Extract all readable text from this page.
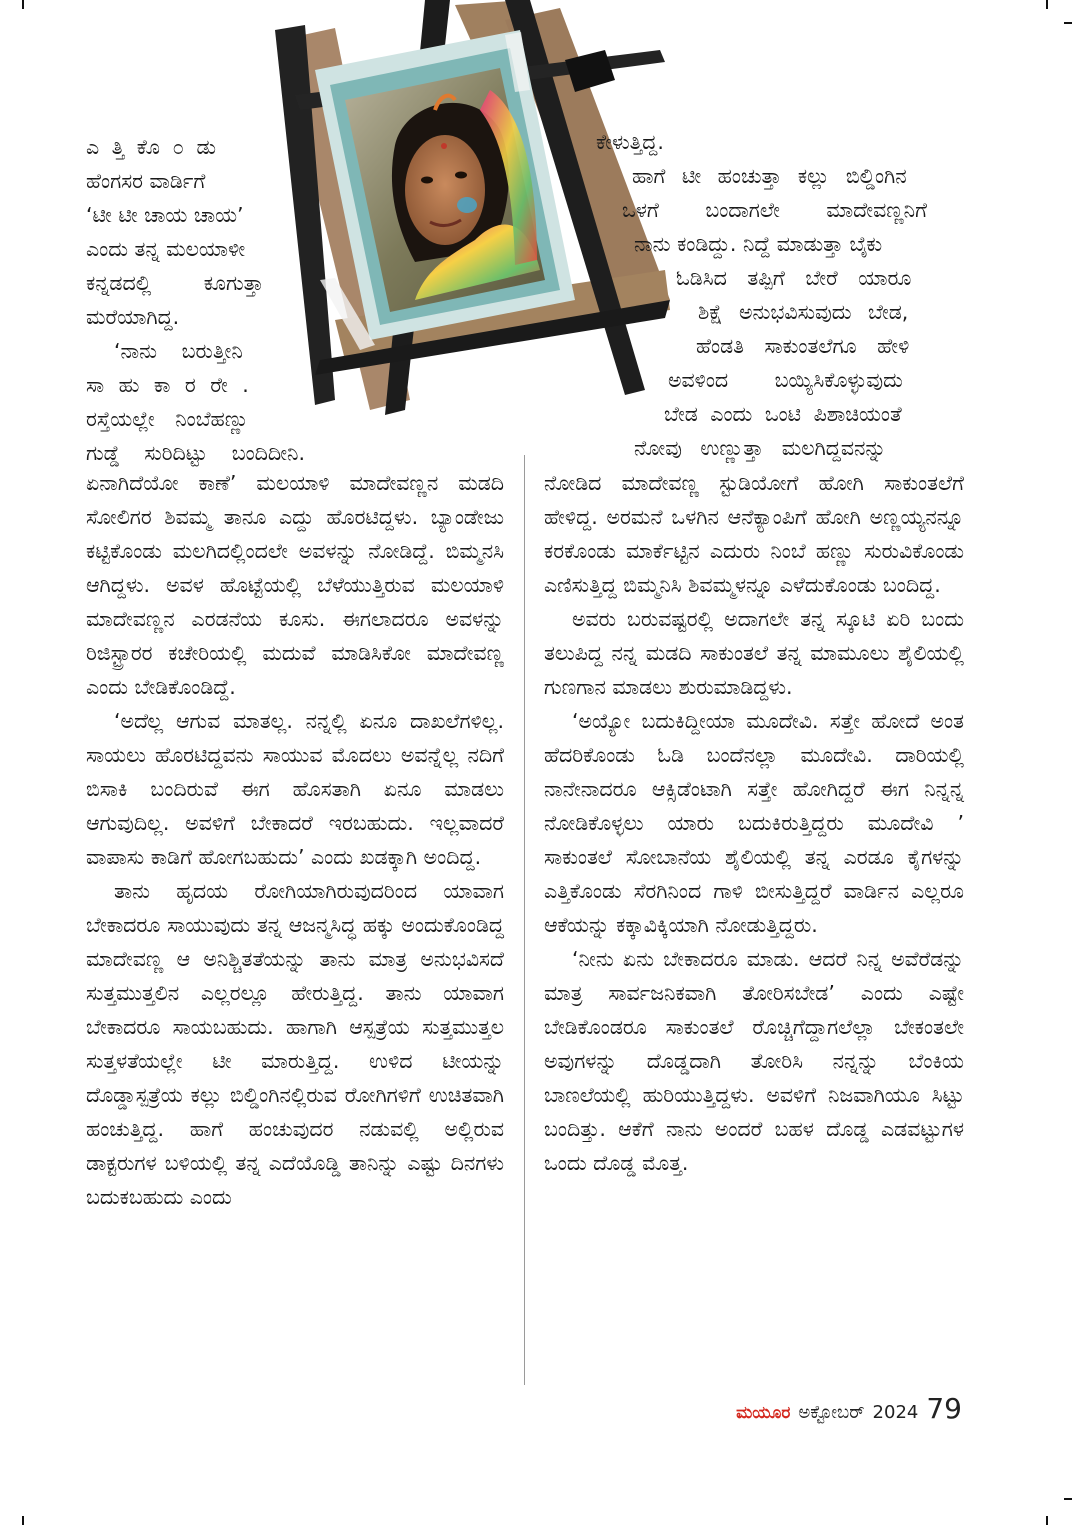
ಎ ತ್ತಿ ಕೊ ೦ ಡು
ಹೆಂಗಸರ ವಾರ್ಡಿಗೆ
‘ಟೀ ಟೀ ಚಾಯ ಚಾಯ’
ಎಂದು ತನ್ನ ಮಲಯಾಳೀ
ಕನ್ನಡದಲ್ಲಿ ಕೂಗುತ್ತಾ
ಮರೆಯಾಗಿದ್ದ.
‘ನಾನು ಬರುತ್ತೀನಿ
ಸಾ ಹು ಕಾ ರ ರೇ .
ರಸ್ತೆಯಲ್ಲೇ ನಿಂಬೆಹಣ್ಣು
ಗುಡ್ಡೆ ಸುರಿದಿಟ್ಟು ಬಂದಿದೀನಿ.
ಕೇಳುತ್ತಿದ್ದ.
ಹಾಗೆ ಟೀ ಹಂಚುತ್ತಾ ಕಲ್ಲು ಬಿಲ್ಡಿಂಗಿನ
ಒಳಗೆ ಬಂದಾಗಲೇ ಮಾದೇವಣ್ಣನಿಗೆ
ನಾನು ಕಂಡಿದ್ದು. ನಿದ್ದೆ ಮಾಡುತ್ತಾ ಬೈಕು
ಓಡಿಸಿದ ತಪ್ಪಿಗೆ ಬೇರೆ ಯಾರೂ
ಶಿಕ್ಷೆ ಅನುಭವಿಸುವುದು ಬೇಡ,
ಹೆಂಡತಿ ಸಾಕುಂತಲೆಗೂ ಹೇಳಿ
ಅವಳಿಂದ ಬಯ್ಯಿಸಿಕೊಳ್ಳುವುದು
ಬೇಡ ಎಂದು ಒಂಟಿ ಪಿಶಾಚಿಯಂತೆ
ನೋವು ಉಣ್ಣುತ್ತಾ ಮಲಗಿದ್ದವನನ್ನು

ಏನಾಗಿದೆಯೋ ಕಾಣೆ’ ಮಲಯಾಳಿ ಮಾದೇವಣ್ಣನ ಮಡದಿ ಸೋಲಿಗರ ಶಿವಮ್ಮ ತಾನೂ ಎದ್ದು ಹೊರಟಿದ್ದಳು. ಬ್ಯಾಂಡೇಜು ಕಟ್ಟಿಕೊಂಡು ಮಲಗಿದಲ್ಲಿಂದಲೇ ಅವಳನ್ನು ನೋಡಿದ್ದೆ. ಬಿಮ್ಮನಸಿ ಆಗಿದ್ದಳು. ಅವಳ ಹೊಟ್ಟೆಯಲ್ಲಿ ಬೆಳೆಯುತ್ತಿರುವ ಮಲಯಾಳಿ ಮಾದೇವಣ್ಣನ ಎರಡನೆಯ ಕೂಸು. ಈಗಲಾದರೂ ಅವಳನ್ನು ರಿಜಿಸ್ಟ್ರಾರರ ಕಚೇರಿಯಲ್ಲಿ ಮದುವೆ ಮಾಡಿಸಿಕೋ ಮಾದೇವಣ್ಣ ಎಂದು ಬೇಡಿಕೊಂಡಿದ್ದೆ.

‘ಅದೆಲ್ಲ ಆಗುವ ಮಾತಲ್ಲ. ನನ್ನಲ್ಲಿ ಏನೂ ದಾಖಲೆಗಳಿಲ್ಲ. ಸಾಯಲು ಹೊರಟಿದ್ದವನು ಸಾಯುವ ಮೊದಲು ಅವನ್ನೆಲ್ಲ ನದಿಗೆ ಬಿಸಾಕಿ ಬಂದಿರುವೆ ಈಗ ಹೊಸತಾಗಿ ಏನೂ ಮಾಡಲು ಆಗುವುದಿಲ್ಲ. ಅವಳಿಗೆ ಬೇಕಾದರೆ ಇರಬಹುದು. ಇಲ್ಲವಾದರೆ ವಾಪಾಸು ಕಾಡಿಗೆ ಹೋಗಬಹುದು’ ಎಂದು ಖಡಕ್ಕಾಗಿ ಅಂದಿದ್ದ.

ತಾನು ಹೃದಯ ರೋಗಿಯಾಗಿರುವುದರಿಂದ ಯಾವಾಗ ಬೇಕಾದರೂ ಸಾಯುವುದು ತನ್ನ ಆಜನ್ಮಸಿದ್ಧ ಹಕ್ಕು ಅಂದುಕೊಂಡಿದ್ದ ಮಾದೇವಣ್ಣ ಆ ಅನಿಶ್ಚಿತತೆಯನ್ನು ತಾನು ಮಾತ್ರ ಅನುಭವಿಸದೆ ಸುತ್ತಮುತ್ತಲಿನ ಎಲ್ಲರಲ್ಲೂ ಹೇರುತ್ತಿದ್ದ. ತಾನು ಯಾವಾಗ ಬೇಕಾದರೂ ಸಾಯಬಹುದು. ಹಾಗಾಗಿ ಆಸ್ಪತ್ರೆಯ ಸುತ್ತಮುತ್ತಲ ಸುತ್ತಳತೆಯಲ್ಲೇ ಟೀ ಮಾರುತ್ತಿದ್ದ. ಉಳಿದ ಟೀಯನ್ನು ದೊಡ್ಡಾಸ್ಪತ್ರೆಯ ಕಲ್ಲು ಬಿಲ್ಡಿಂಗಿನಲ್ಲಿರುವ ರೋಗಿಗಳಿಗೆ ಉಚಿತವಾಗಿ ಹಂಚುತ್ತಿದ್ದ. ಹಾಗೆ ಹಂಚುವುದರ ನಡುವಲ್ಲಿ ಅಲ್ಲಿರುವ ಡಾಕ್ಟರುಗಳ ಬಳಿಯಲ್ಲಿ ತನ್ನ ಎದೆಯೊಡ್ಡಿ ತಾನಿನ್ನು ಎಷ್ಟು ದಿನಗಳು ಬದುಕಬಹುದು ಎಂದು

ನೋಡಿದ ಮಾದೇವಣ್ಣ ಸ್ಟುಡಿಯೋಗೆ ಹೋಗಿ ಸಾಕುಂತಲೆಗೆ ಹೇಳಿದ್ದ. ಅರಮನೆ ಒಳಗಿನ ಆನೆಕ್ಯಾಂಪಿಗೆ ಹೋಗಿ ಅಣ್ಣಯ್ಯನನ್ನೂ ಕರಕೊಂಡು ಮಾರ್ಕೆಟ್ಟಿನ ಎದುರು ನಿಂಬೆ ಹಣ್ಣು ಸುರುವಿಕೊಂಡು ಎಣಿಸುತ್ತಿದ್ದ ಬಿಮ್ಮನಿಸಿ ಶಿವಮ್ಮಳನ್ನೂ ಎಳೆದುಕೊಂಡು ಬಂದಿದ್ದ.

ಅವರು ಬರುವಷ್ಟರಲ್ಲಿ ಅದಾಗಲೇ ತನ್ನ ಸ್ಕೂಟಿ ಏರಿ ಬಂದು ತಲುಪಿದ್ದ ನನ್ನ ಮಡದಿ ಸಾಕುಂತಲೆ ತನ್ನ ಮಾಮೂಲು ಶೈಲಿಯಲ್ಲಿ ಗುಣಗಾನ ಮಾಡಲು ಶುರುಮಾಡಿದ್ದಳು.

‘ಅಯ್ಯೋ ಬದುಕಿದ್ದೀಯಾ ಮೂದೇವಿ. ಸತ್ತೇ ಹೋದೆ ಅಂತ ಹೆದರಿಕೊಂಡು ಓಡಿ ಬಂದೆನಲ್ಲಾ ಮೂದೇವಿ. ದಾರಿಯಲ್ಲಿ ನಾನೇನಾದರೂ ಆಕ್ಸಿಡೆಂಟಾಗಿ ಸತ್ತೇ ಹೋಗಿದ್ದರೆ ಈಗ ನಿನ್ನನ್ನ ನೋಡಿಕೊಳ್ಳಲು ಯಾರು ಬದುಕಿರುತ್ತಿದ್ದರು ಮೂದೇವಿ ’ ಸಾಕುಂತಲೆ ಸೋಬಾನೆಯ ಶೈಲಿಯಲ್ಲಿ ತನ್ನ ಎರಡೂ ಕೈಗಳನ್ನು ಎತ್ತಿಕೊಂಡು ಸೆರಗಿನಿಂದ ಗಾಳಿ ಬೀಸುತ್ತಿದ್ದರೆ ವಾರ್ಡಿನ ಎಲ್ಲರೂ ಆಕೆಯನ್ನು ಕಕ್ಕಾವಿಕ್ಕಿಯಾಗಿ ನೋಡುತ್ತಿದ್ದರು.

‘ನೀನು ಏನು ಬೇಕಾದರೂ ಮಾಡು. ಆದರೆ ನಿನ್ನ ಅವೆರೆಡನ್ನು ಮಾತ್ರ ಸಾರ್ವಜನಿಕವಾಗಿ ತೋರಿಸಬೇಡ’ ಎಂದು ಎಷ್ಟೇ ಬೇಡಿಕೊಂಡರೂ ಸಾಕುಂತಲೆ ರೊಚ್ಚಿಗೆದ್ದಾಗಲೆಲ್ಲಾ ಬೇಕಂತಲೇ ಅವುಗಳನ್ನು ದೊಡ್ಡದಾಗಿ ತೋರಿಸಿ ನನ್ನನ್ನು ಬೆಂಕಿಯ ಬಾಣಲೆಯಲ್ಲಿ ಹುರಿಯುತ್ತಿದ್ದಳು. ಅವಳಿಗೆ ನಿಜವಾಗಿಯೂ ಸಿಟ್ಟು ಬಂದಿತ್ತು. ಆಕೆಗೆ ನಾನು ಅಂದರೆ ಬಹಳ ದೊಡ್ಡ ಎಡವಟ್ಟುಗಳ ಒಂದು ದೊಡ್ಡ ಮೊತ್ತ.

ಮಯೂರ ಅಕ್ಟೋಬರ್ 2024 79
